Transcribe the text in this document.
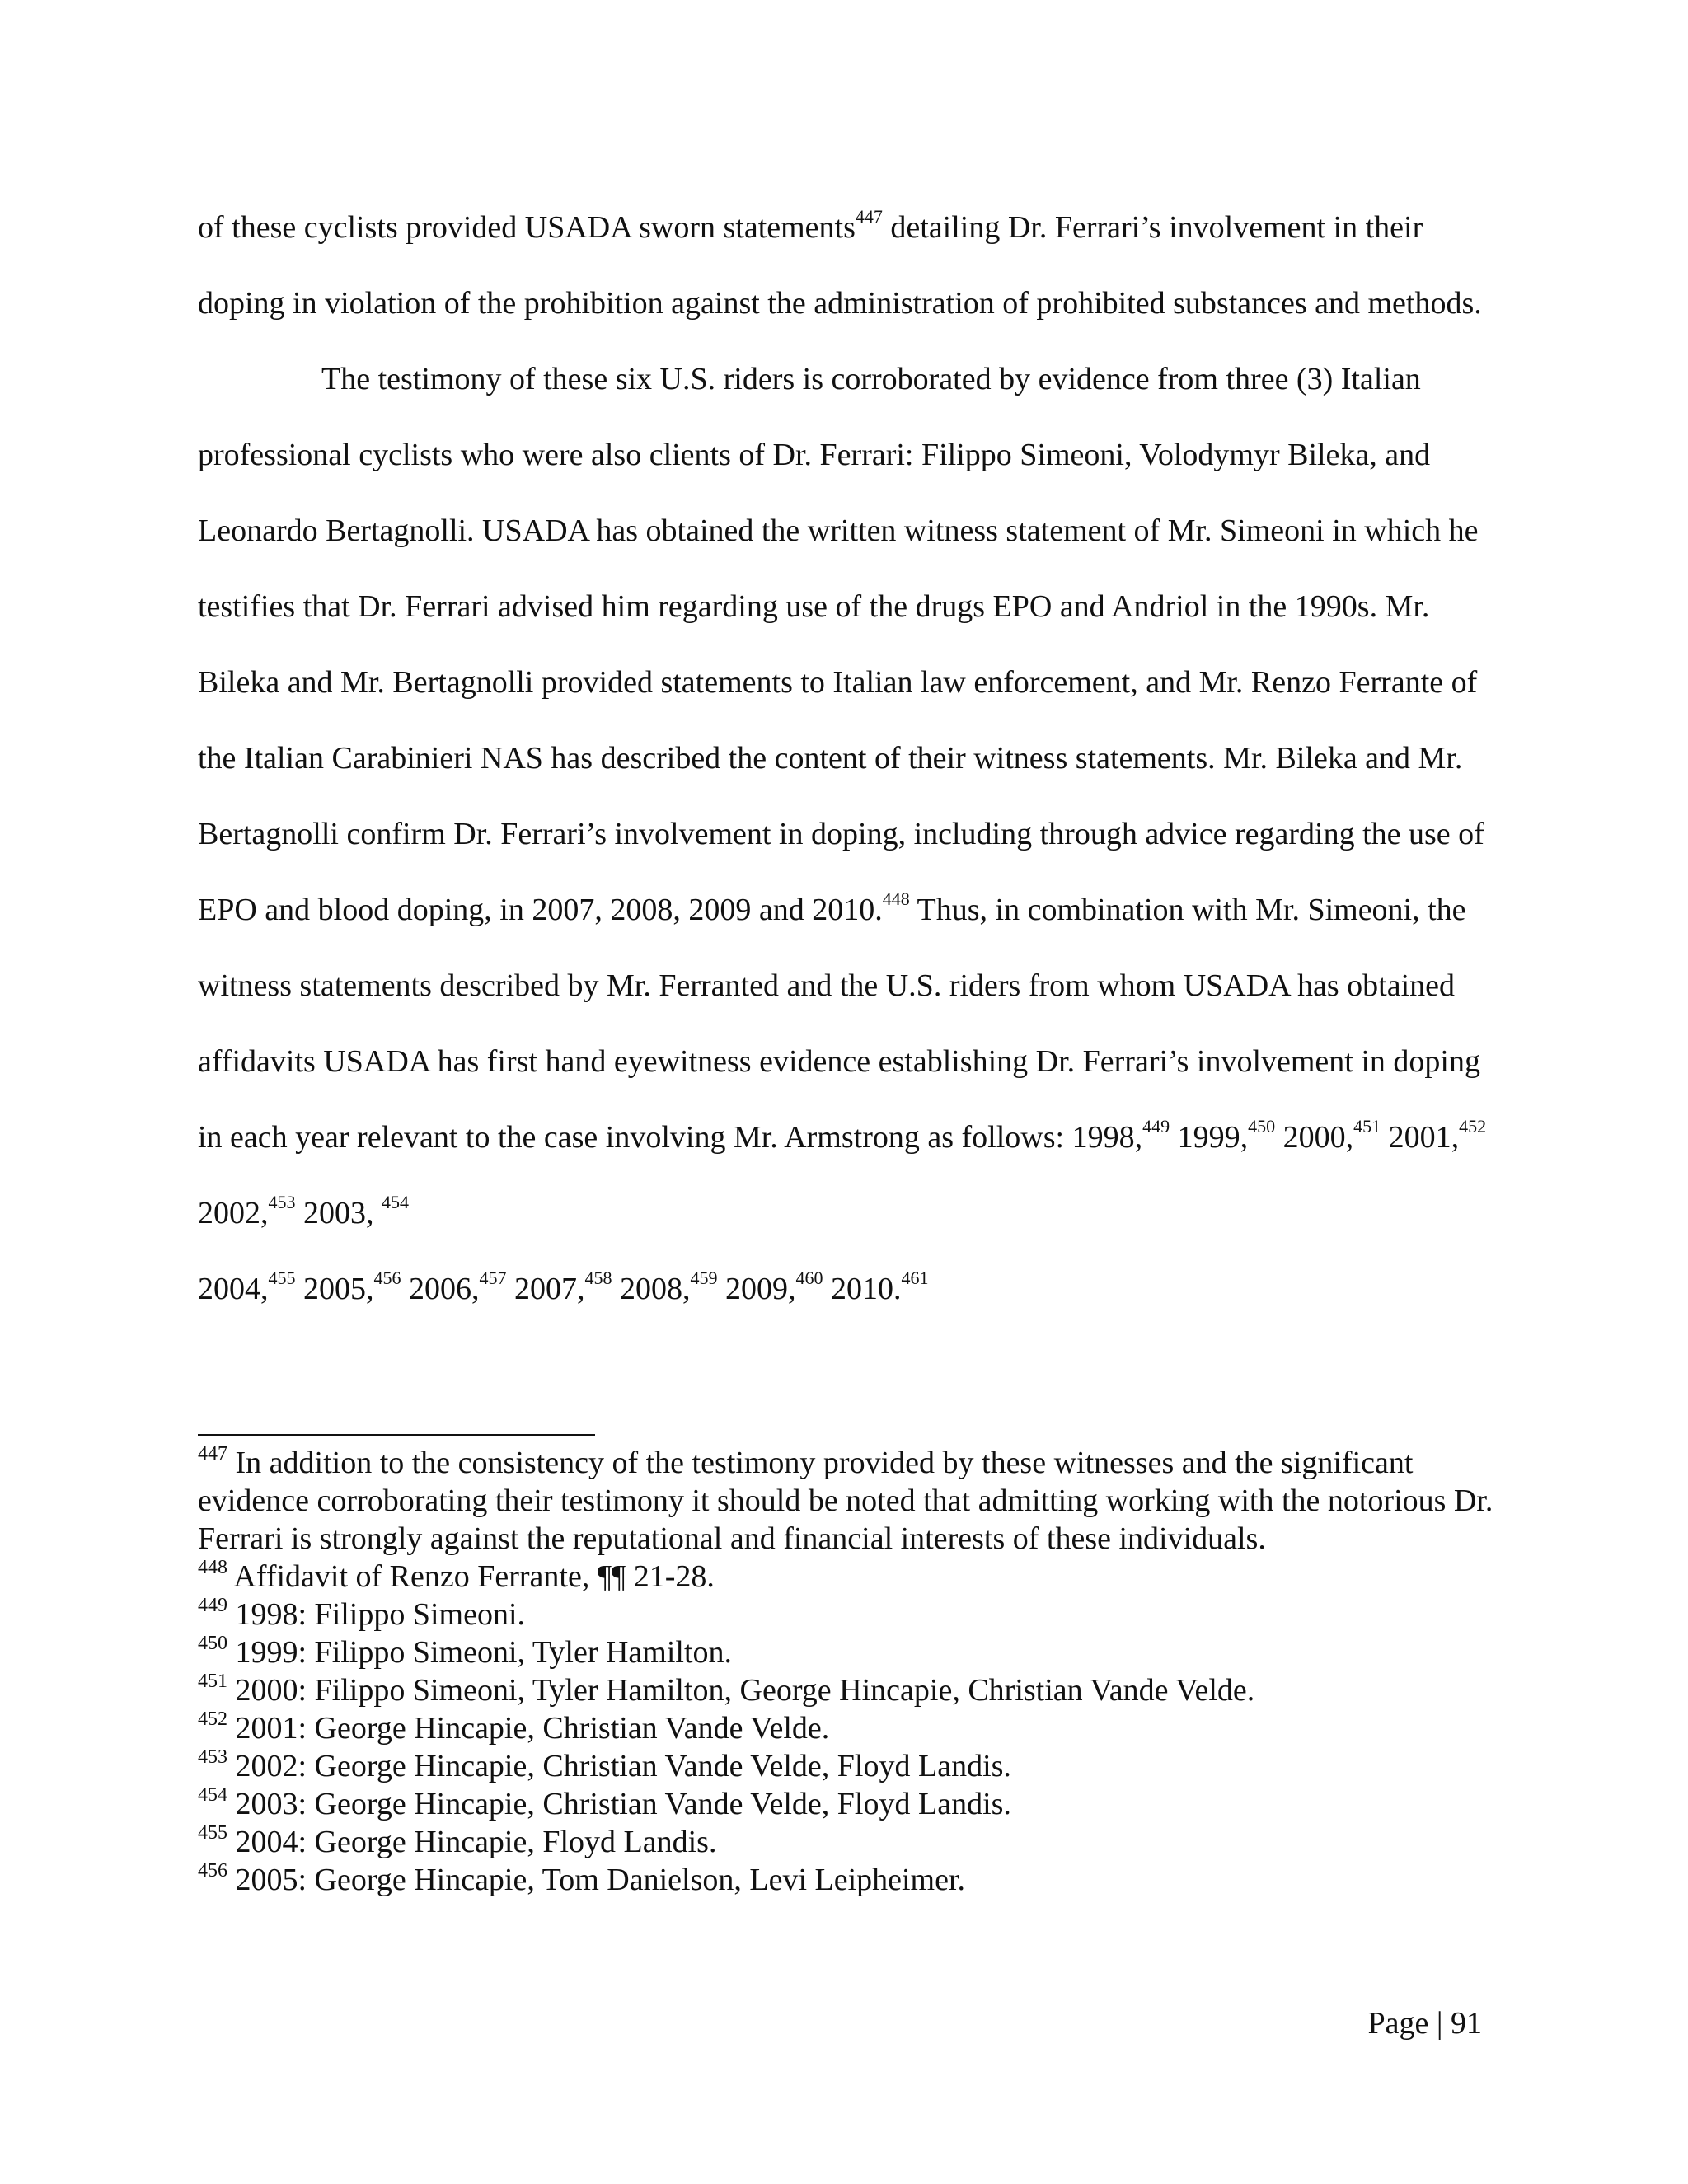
of these cyclists provided USADA sworn statements$^{447}$ detailing Dr. Ferrari’s involvement in their doping in violation of the prohibition against the administration of prohibited substances and methods.

The testimony of these six U.S. riders is corroborated by evidence from three (3) Italian professional cyclists who were also clients of Dr. Ferrari: Filippo Simeoni, Volodymyr Bileka, and Leonardo Bertagnolli. USADA has obtained the written witness statement of Mr. Simeoni in which he testifies that Dr. Ferrari advised him regarding use of the drugs EPO and Andriol in the 1990s. Mr. Bileka and Mr. Bertagnolli provided statements to Italian law enforcement, and Mr. Renzo Ferrante of the Italian Carabinieri NAS has described the content of their witness statements. Mr. Bileka and Mr. Bertagnolli confirm Dr. Ferrari’s involvement in doping, including through advice regarding the use of EPO and blood doping, in 2007, 2008, 2009 and 2010.$^{448}$ Thus, in combination with Mr. Simeoni, the witness statements described by Mr. Ferranted and the U.S. riders from whom USADA has obtained affidavits USADA has first hand eyewitness evidence establishing Dr. Ferrari’s involvement in doping in each year relevant to the case involving Mr. Armstrong as follows: 1998,$^{449}$ 1999,$^{450}$ 2000,$^{451}$ 2001,$^{452}$ 2002,$^{453}$ 2003, $^{454}$
2004,$^{455}$ 2005,$^{456}$ 2006,$^{457}$ 2007,$^{458}$ 2008,$^{459}$ 2009,$^{460}$ 2010.$^{461}$

$^{447}$ In addition to the consistency of the testimony provided by these witnesses and the significant evidence corroborating their testimony it should be noted that admitting working with the notorious Dr. Ferrari is strongly against the reputational and financial interests of these individuals.

$^{448}$ Affidavit of Renzo Ferrante, ¶¶ 21-28.

$^{449}$ 1998: Filippo Simeoni.

$^{450}$ 1999: Filippo Simeoni, Tyler Hamilton.

$^{451}$ 2000: Filippo Simeoni, Tyler Hamilton, George Hincapie, Christian Vande Velde.

$^{452}$ 2001: George Hincapie, Christian Vande Velde.

$^{453}$ 2002: George Hincapie, Christian Vande Velde, Floyd Landis.

$^{454}$ 2003: George Hincapie, Christian Vande Velde, Floyd Landis.

$^{455}$ 2004: George Hincapie, Floyd Landis.

$^{456}$ 2005: George Hincapie, Tom Danielson, Levi Leipheimer.

Page | 91
